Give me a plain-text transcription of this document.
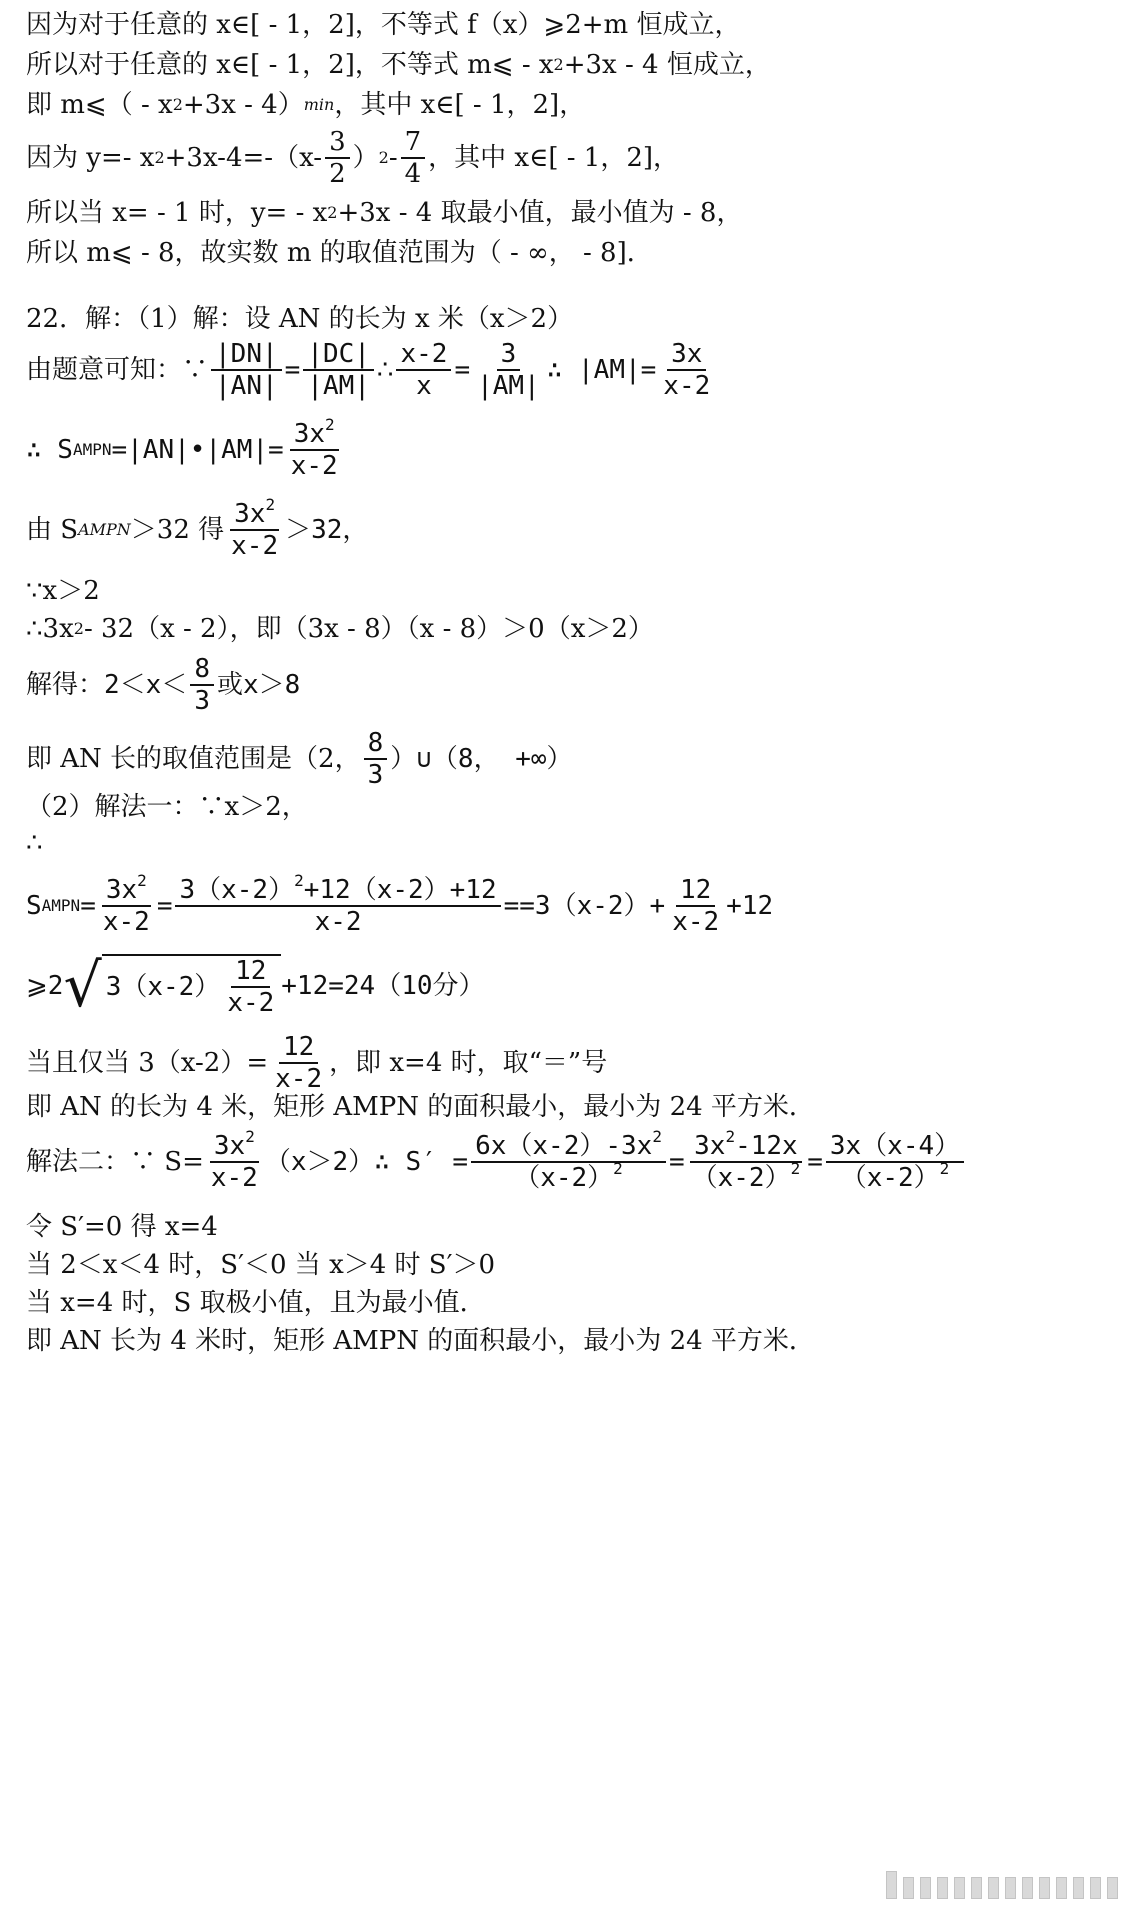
因为对于任意的 x∈[ - 1，2]，不等式 f（x）⩾2+m 恒成立，
所以对于任意的 x∈[ - 1，2]，不等式 m⩽ - x 2 +3x - 4 恒成立，
即 m⩽（ - x 2 +3x - 4） min ，其中 x∈[ - 1，2]，
因为 y=- x $2 +3x-4=-(x- \frac{3}{2}$ ） $2 - \frac{7}{4}$ ，其中 x∈[ - 1，2]，
所以当 x= - 1 时，y= - x 2 +3x - 4 取最小值，最小值为 - 8，
所以 m⩽ - 8，故实数 m 的取值范围为（ - ∞， - 8]．
22．解：（1）解：设 AN 的长为 x 米（x＞2）
由题意可知：∵ $\frac{|DN|}{|AN|} = \frac{|DC|}{|AM|}$ ∴ $\frac{x-2}{x} = \frac{3}{|AM|}$ ∴ $|AM|= \frac{3x}{x-2}$
∴ S AMPN =|AN|•|AM|= $\frac{3x^2}{x-2}$
由 S AMPN ＞32 得 $\frac{3x^2}{x-2} >32$，
∵x＞2
∴3x 2 - 32（x - 2），即（3x - 8）（x - 8）＞0（x＞2）
解得：$2<x< \frac{8}{3}$ 或x＞8
即 AN 长的取值范围是（2， $\frac{8}{3}$ ）∪（8， +∞）
（2）解法一：∵x＞2，
∴
S AMPN = $\frac{3x^2}{x-2} = \frac{3(x-2)^2+12(x-2)+12}{x-2} = =3(x-2)+ \frac{12}{x-2} +12$
⩾2 √ $3(x-2) \frac{12}{x-2} +12=24(10$分）
当且仅当 $3(x-2)= \frac{12}{x-2}$ ，即 x=4 时，取“＝”号
即 AN 的长为 4 米，矩形 AMPN 的面积最小，最小为 24 平方米．
解法二：∵ $S= \frac{3x^2}{x-2}$ （x＞2）∴ $S' = \frac{6x(x-2)-3x^2}{(x-2)^2} = \frac{3x^2-12x}{(x-2)^2} = \frac{3x(x-4)}{(x-2)^2}$
令 S′=0 得 x=4
当 2＜x＜4 时，S′＜0 当 x＞4 时 S′＞0
当 x=4 时，S 取极小值，且为最小值．
即 AN 长为 4 米时，矩形 AMPN 的面积最小，最小为 24 平方米．
